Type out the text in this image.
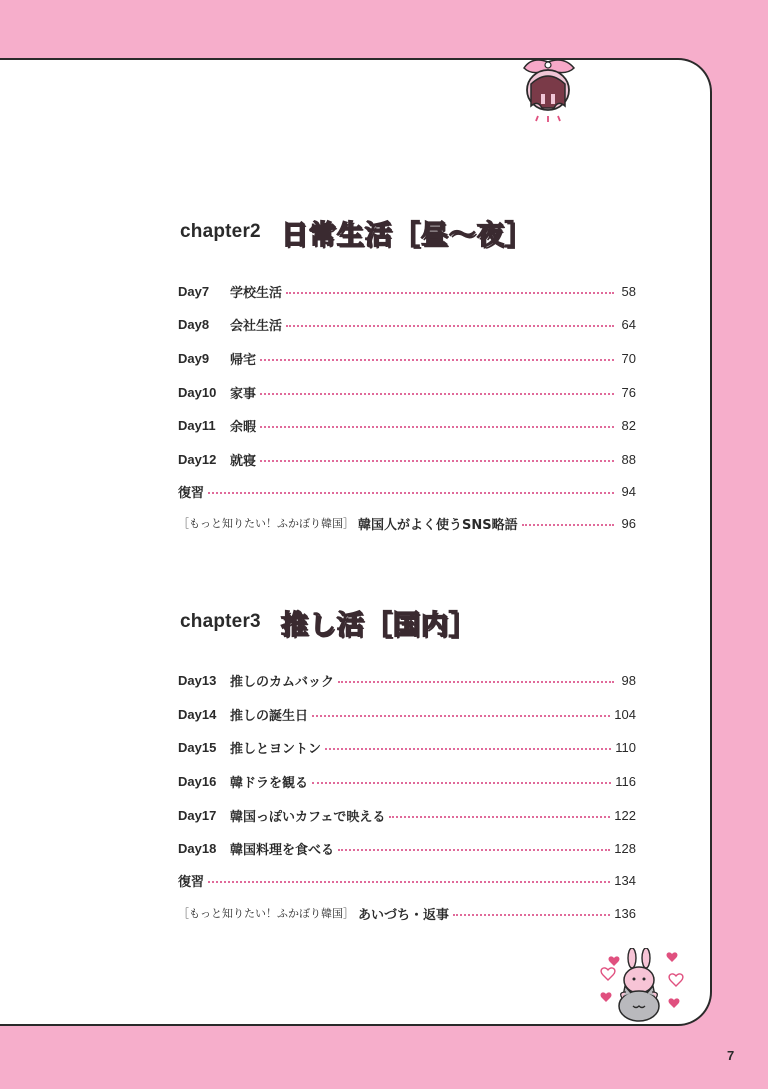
chapter2 日常生活［昼〜夜］
Day7	学校生活	58
Day8	会社生活	64
Day9	帰宅	70
Day10	家事	76
Day11	余暇	82
Day12	就寝	88
復習	94
［もっと知りたい！ふかぼり韓国］ 韓国人がよく使うSNS略語	96
chapter3 推し活［国内］
Day13	推しのカムバック	98
Day14	推しの誕生日	104
Day15	推しとヨントン	110
Day16	韓ドラを観る	116
Day17	韓国っぽいカフェで映える	122
Day18	韓国料理を食べる	128
復習	134
［もっと知りたい！ふかぼり韓国］ あいづち・返事	136
7
